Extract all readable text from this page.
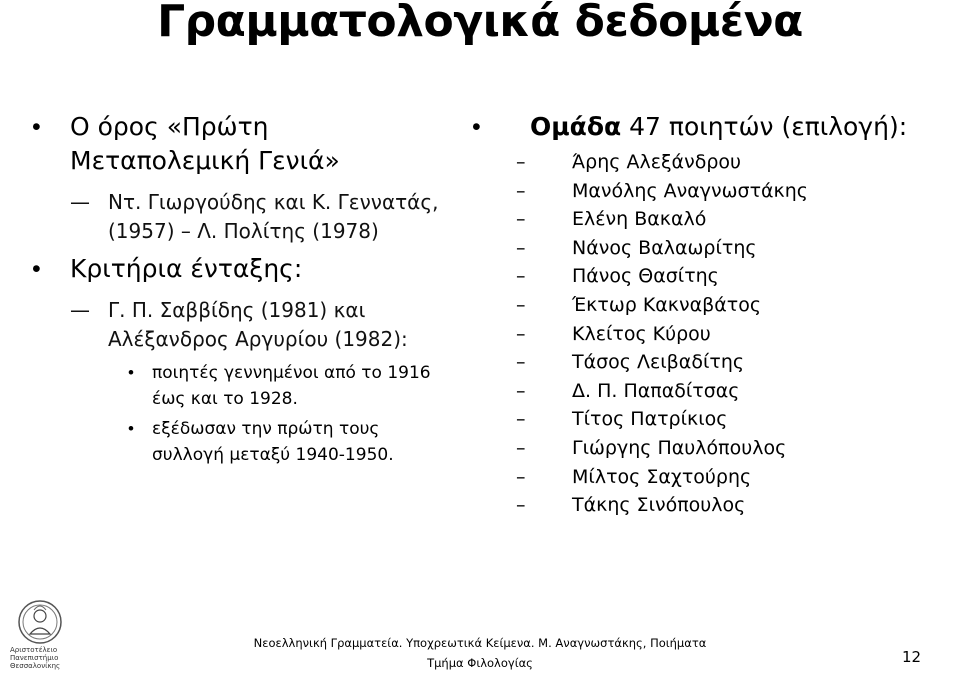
Γραμματολογικά δεδομένα
• Ο όρος «Πρώτη Μεταπολεμική Γενιά»
— Ντ. Γιωργούδης και Κ. Γεννατάς, (1957) – Λ. Πολίτης (1978)
• Κριτήρια ένταξης:
— Γ. Π. Σαββίδης (1981) και Αλέξανδρος Αργυρίου (1982):
• ποιητές γεννημένοι από το 1916 έως και το 1928.
• εξέδωσαν την πρώτη τους συλλογή μεταξύ 1940-1950.
• Ομάδα 47 ποιητών (επιλογή):
– Άρης Αλεξάνδρου
– Μανόλης Αναγνωστάκης
– Ελένη Βακαλό
– Νάνος Βαλαωρίτης
– Πάνος Θασίτης
– Έκτωρ Κακναβάτος
– Κλείτος Κύρου
– Τάσος Λειβαδίτης
– Δ. Π. Παπαδίτσας
– Τίτος Πατρίκιος
– Γιώργης Παυλόπουλος
– Μίλτος Σαχτούρης
– Τάκης Σινόπουλος
Αριστοτέλειο
Πανεπιστήμιο
Θεσσαλονίκης
Νεοελληνική Γραμματεία. Υποχρεωτικά Κείμενα. Μ. Αναγνωστάκης, Ποιήματα
Τμήμα Φιλολογίας	12
